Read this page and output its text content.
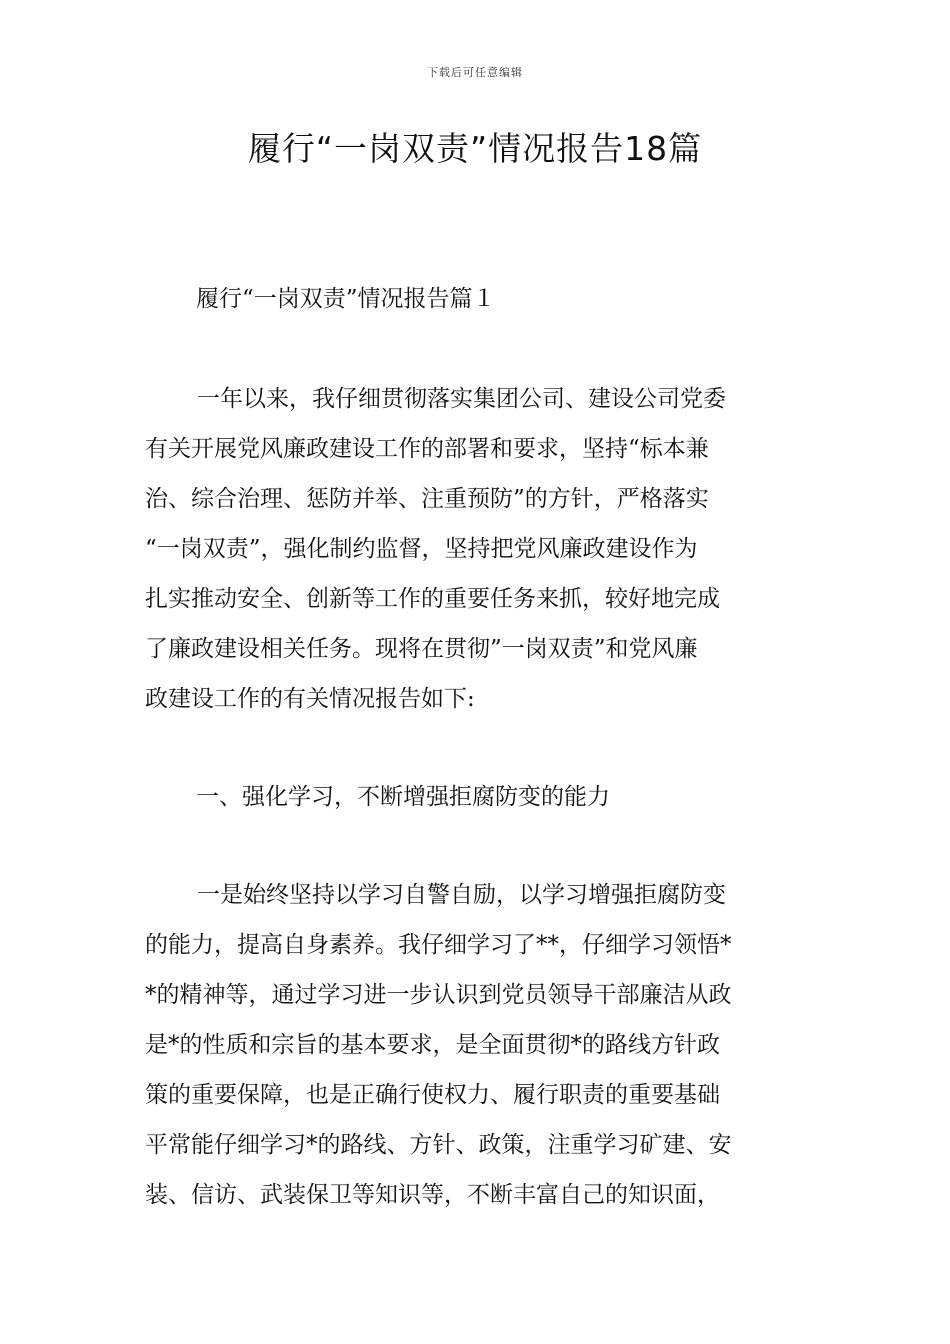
下载后可任意编辑
履行“一岗双责”情况报告18篇
履行“一岗双责”情况报告篇１
一年以来，我仔细贯彻落实集团公司、建设公司党委
有关开展党风廉政建设工作的部署和要求，坚持“标本兼
治、综合治理、惩防并举、注重预防”的方针，严格落实
“一岗双责”，强化制约监督，坚持把党风廉政建设作为
扎实推动安全、创新等工作的重要任务来抓，较好地完成
了廉政建设相关任务。现将在贯彻”一岗双责”和党风廉
政建设工作的有关情况报告如下:
一、强化学习，不断增强拒腐防变的能力
一是始终坚持以学习自警自励，以学习增强拒腐防变
的能力，提高自身素养。我仔细学习了**，仔细学习领悟*
*的精神等，通过学习进一步认识到党员领导干部廉洁从政
是*的性质和宗旨的基本要求，是全面贯彻*的路线方针政
策的重要保障，也是正确行使权力、履行职责的重要基础
平常能仔细学习*的路线、方针、政策，注重学习矿建、安
装、信访、武装保卫等知识等，不断丰富自己的知识面，
